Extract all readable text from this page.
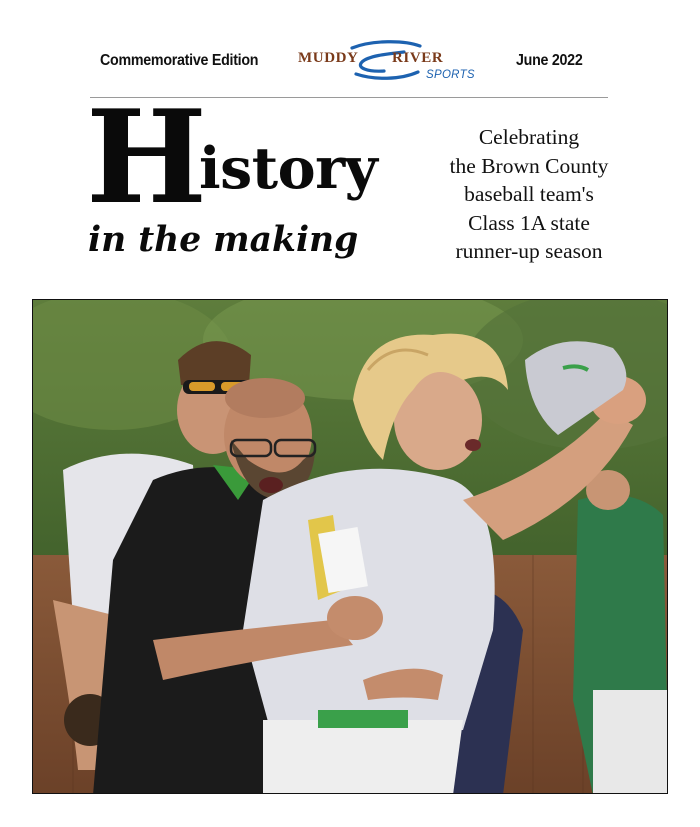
Commemorative Edition	MUDDY RIVER
SPORTS
June 2022
H
istory
in the making
Celebrating
the Brown County
baseball team's
Class 1A state
runner-up season
